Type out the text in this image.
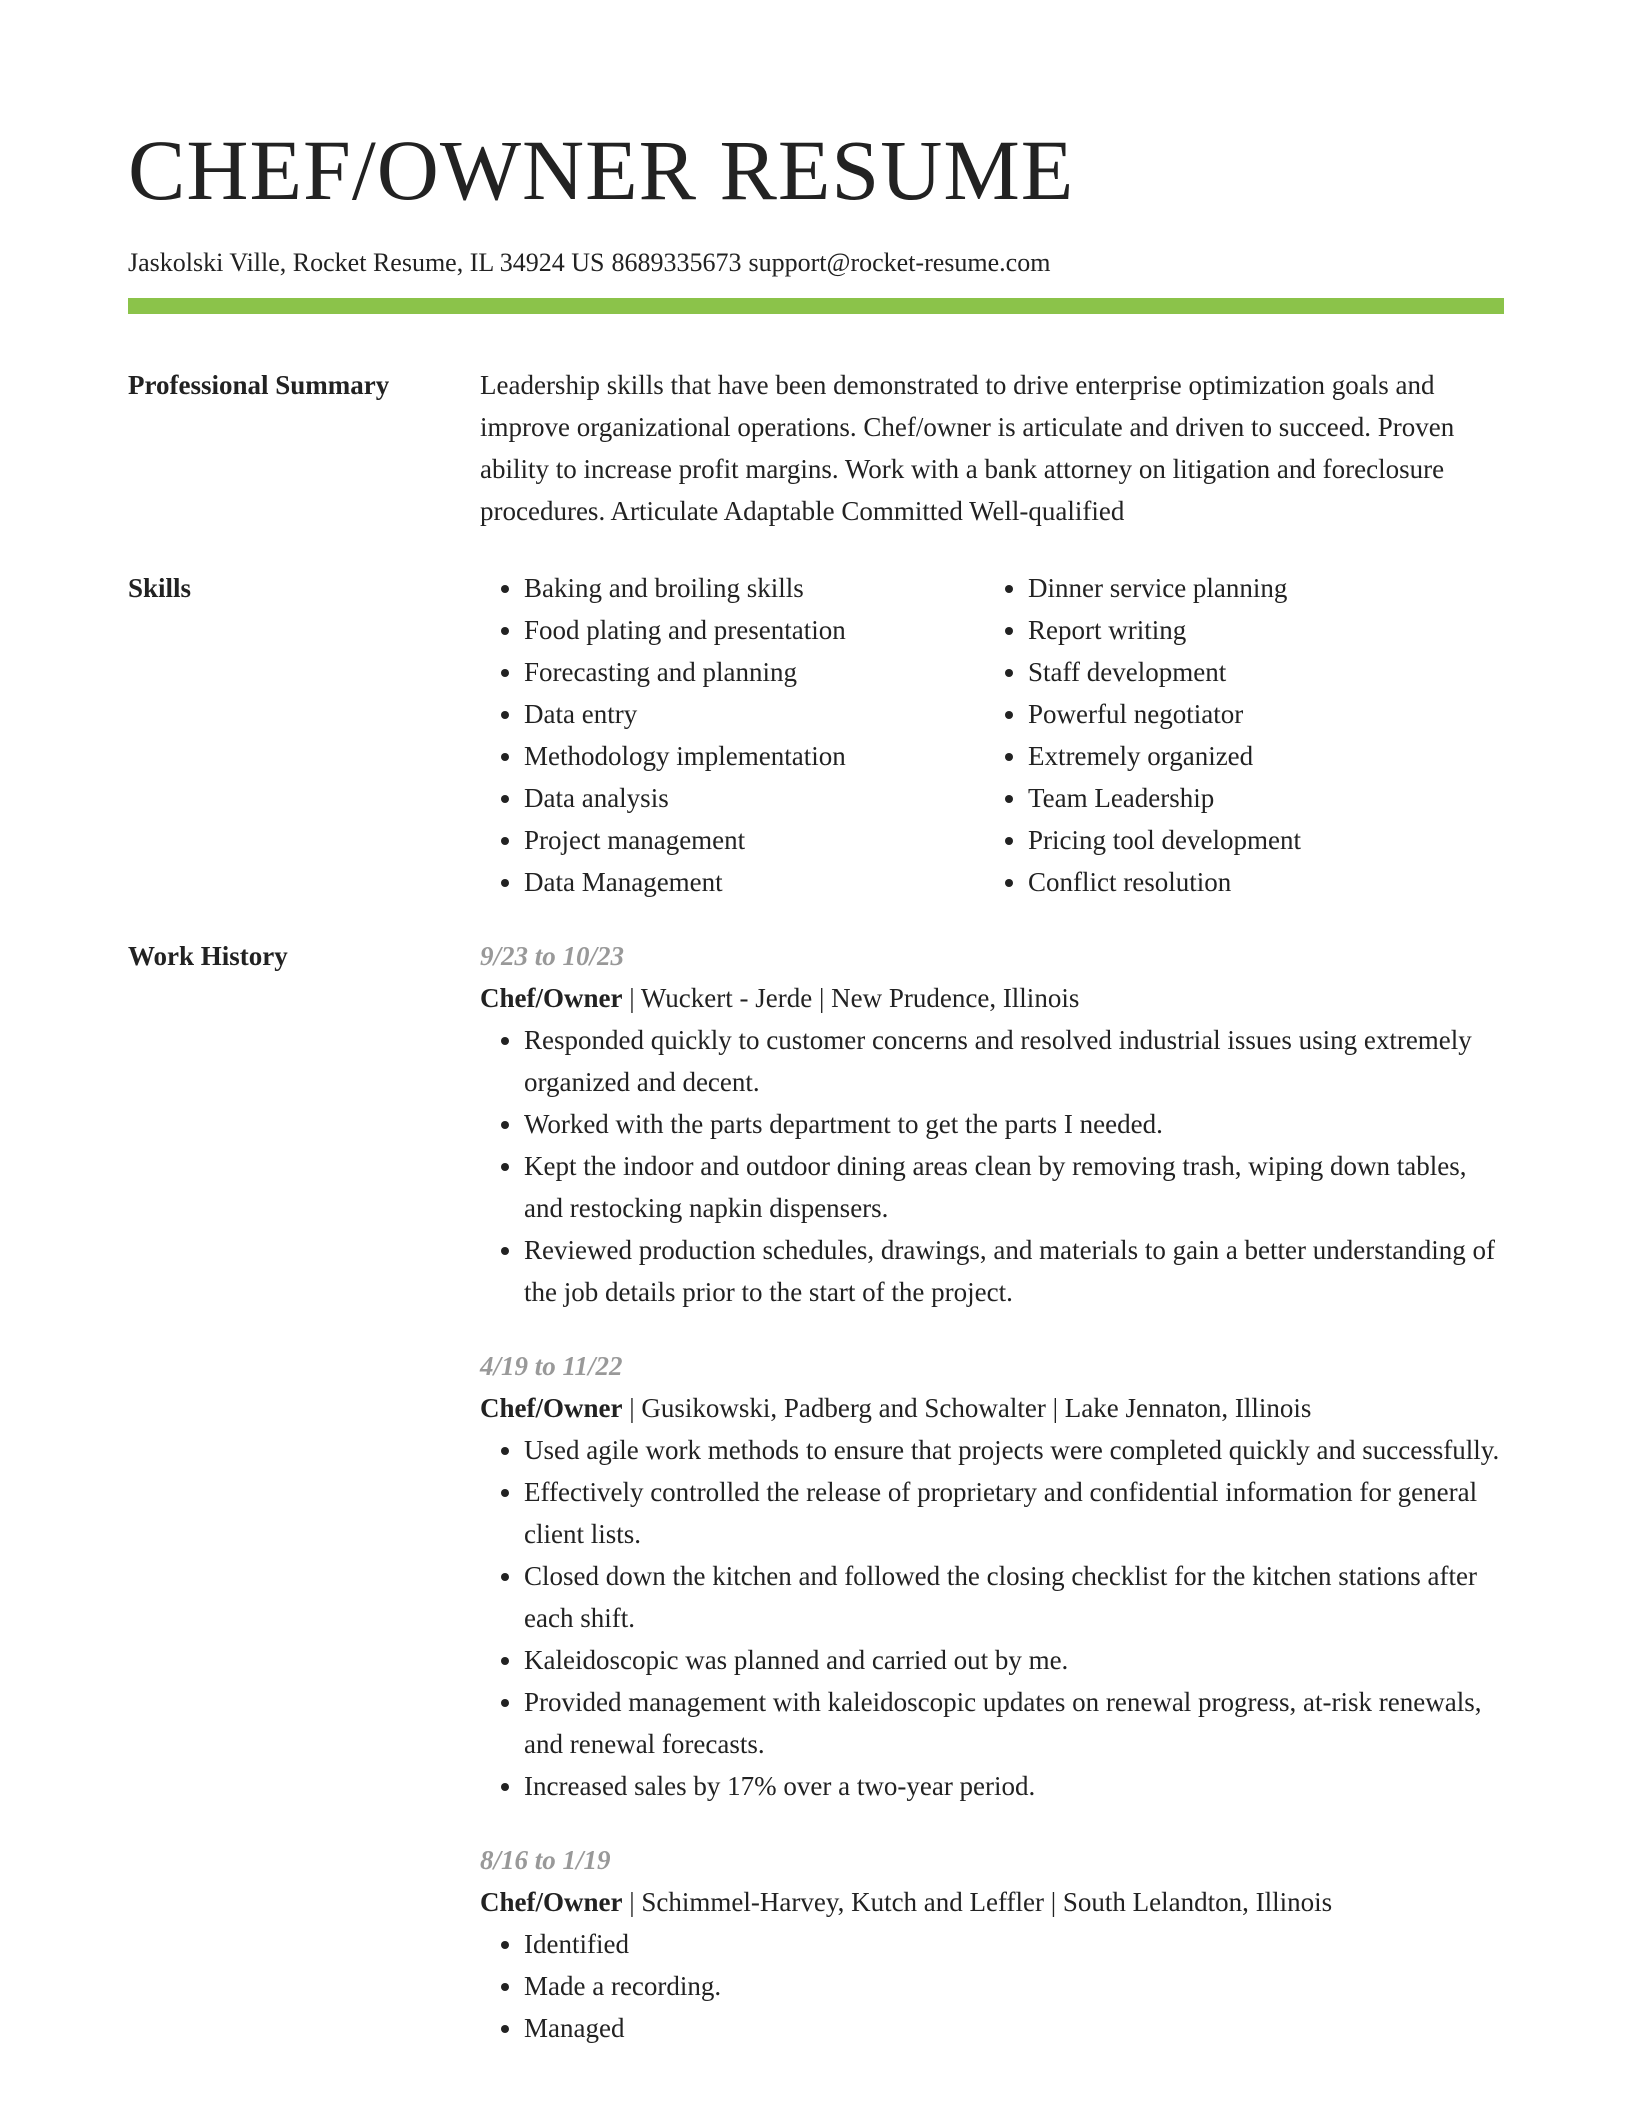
CHEF/OWNER RESUME
Jaskolski Ville, Rocket Resume, IL 34924 US 8689335673 support@rocket-resume.com
Professional Summary	Leadership skills that have been demonstrated to drive enterprise optimization goals and improve organizational operations. Chef/owner is articulate and driven to succeed. Proven ability to increase profit margins. Work with a bank attorney on litigation and foreclosure procedures. Articulate Adaptable Committed Well-qualified
Skills
•	Baking and broiling skills
• Food plating and presentation
• Forecasting and planning
• Data entry
• Methodology implementation
• Data analysis
• Project management
• Data Management
• Dinner service planning
• Report writing
• Staff development
• Powerful negotiator
• Extremely organized
• Team Leadership
• Pricing tool development
• Conflict resolution
Work History	9/23 to 10/23
Chef/Owner | Wuckert - Jerde | New Prudence, Illinois
• Responded quickly to customer concerns and resolved industrial issues using extremely organized and decent.
• Worked with the parts department to get the parts I needed.
• Kept the indoor and outdoor dining areas clean by removing trash, wiping down tables, and restocking napkin dispensers.
• Reviewed production schedules, drawings, and materials to gain a better understanding of the job details prior to the start of the project.
4/19 to 11/22
Chef/Owner | Gusikowski, Padberg and Schowalter | Lake Jennaton, Illinois
• Used agile work methods to ensure that projects were completed quickly and successfully.
• Effectively controlled the release of proprietary and confidential information for general client lists.
• Closed down the kitchen and followed the closing checklist for the kitchen stations after each shift.
• Kaleidoscopic was planned and carried out by me.
• Provided management with kaleidoscopic updates on renewal progress, at-risk renewals, and renewal forecasts.
• Increased sales by 17% over a two-year period.
8/16 to 1/19
Chef/Owner | Schimmel-Harvey, Kutch and Leffler | South Lelandton, Illinois
• Identified
• Made a recording.
• Managed
